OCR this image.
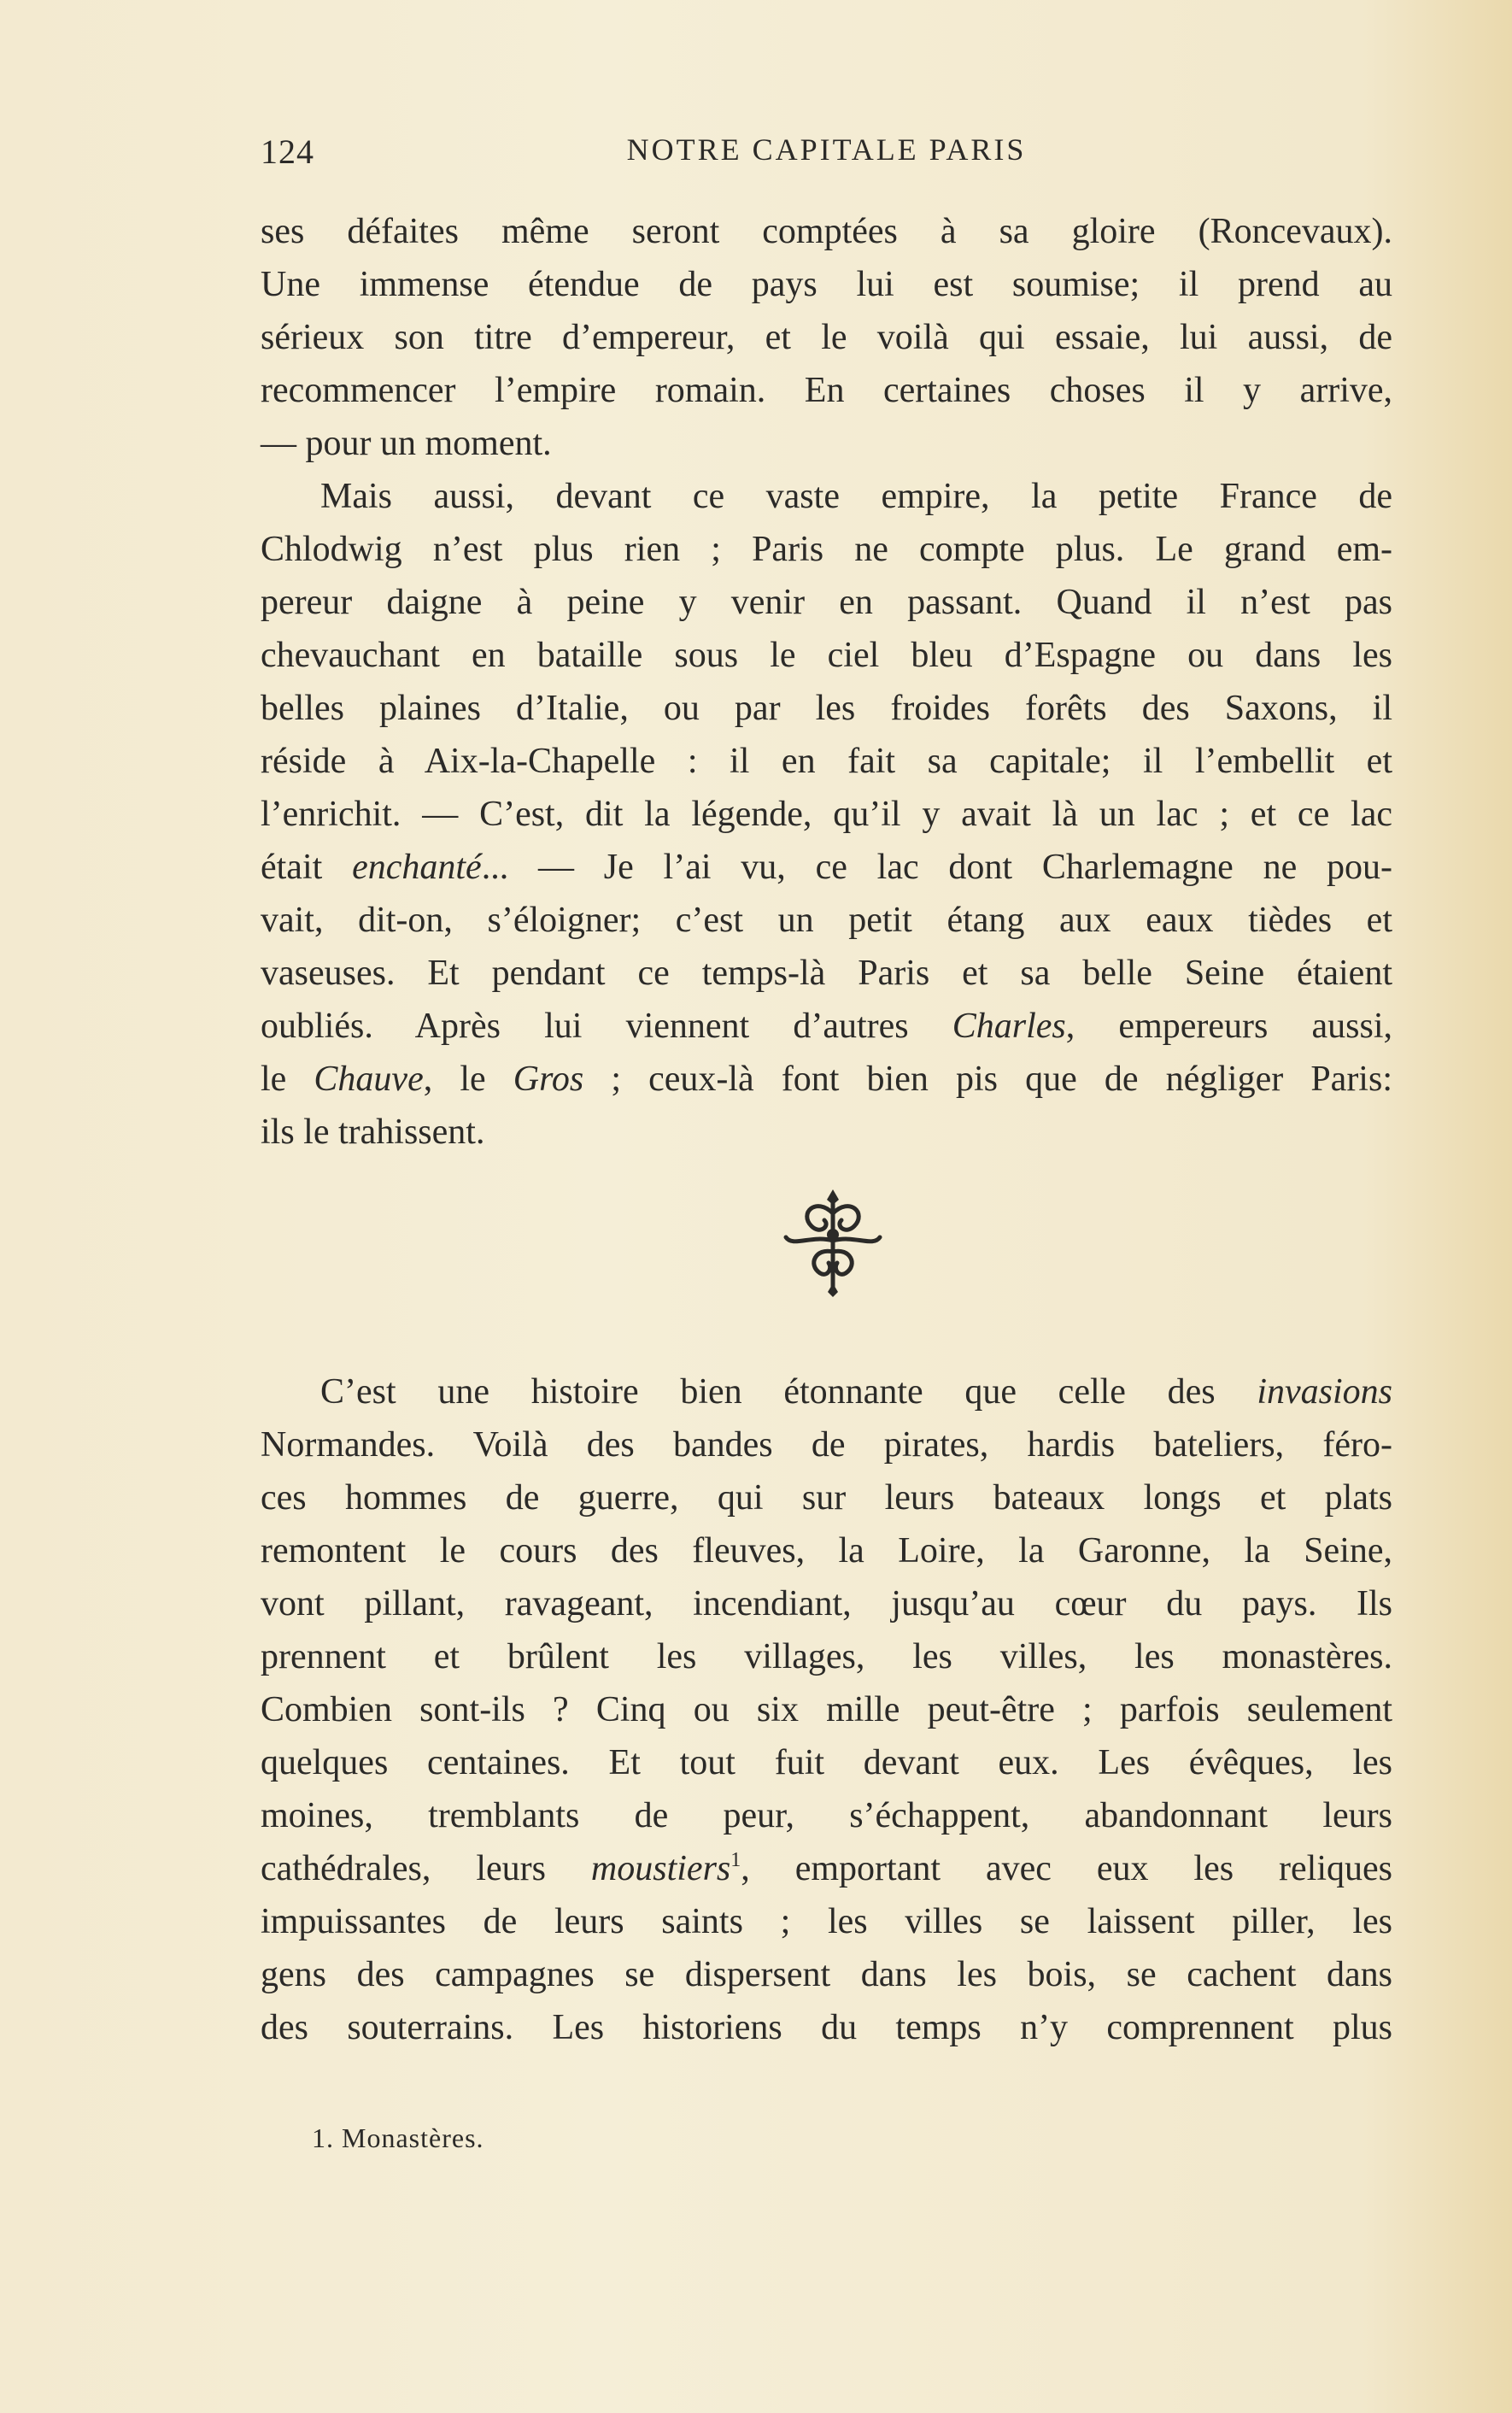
124	NOTRE CAPITALE PARIS
ses défaites même seront comptées à sa gloire (Roncevaux).
Une immense étendue de pays lui est soumise; il prend au
sérieux son titre d’empereur, et le voilà qui essaie, lui aussi, de
recommencer l’empire romain. En certaines choses il y arrive,
— pour un moment.
Mais aussi, devant ce vaste empire, la petite France de
Chlodwig n’est plus rien ; Paris ne compte plus. Le grand em-
pereur daigne à peine y venir en passant. Quand il n’est pas
chevauchant en bataille sous le ciel bleu d’Espagne ou dans les
belles plaines d’Italie, ou par les froides forêts des Saxons, il
réside à Aix-la-Chapelle : il en fait sa capitale; il l’embellit et
l’enrichit. — C’est, dit la légende, qu’il y avait là un lac ; et ce lac
était enchanté... — Je l’ai vu, ce lac dont Charlemagne ne pou-
vait, dit-on, s’éloigner; c’est un petit étang aux eaux tièdes et
vaseuses. Et pendant ce temps-là Paris et sa belle Seine étaient
oubliés. Après lui viennent d’autres Charles, empereurs aussi,
le Chauve, le Gros ; ceux-là font bien pis que de négliger Paris:
ils le trahissent.
C’est une histoire bien étonnante que celle des invasions
Normandes. Voilà des bandes de pirates, hardis bateliers, féro-
ces hommes de guerre, qui sur leurs bateaux longs et plats
remontent le cours des fleuves, la Loire, la Garonne, la Seine,
vont pillant, ravageant, incendiant, jusqu’au cœur du pays. Ils
prennent et brûlent les villages, les villes, les monastères.
Combien sont-ils ? Cinq ou six mille peut-être ; parfois seulement
quelques centaines. Et tout fuit devant eux. Les évêques, les
moines, tremblants de peur, s’échappent, abandonnant leurs
cathédrales, leurs moustiers$^1$, emportant avec eux les reliques
impuissantes de leurs saints ; les villes se laissent piller, les
gens des campagnes se dispersent dans les bois, se cachent dans
des souterrains. Les historiens du temps n’y comprennent plus
1. Monastères.
